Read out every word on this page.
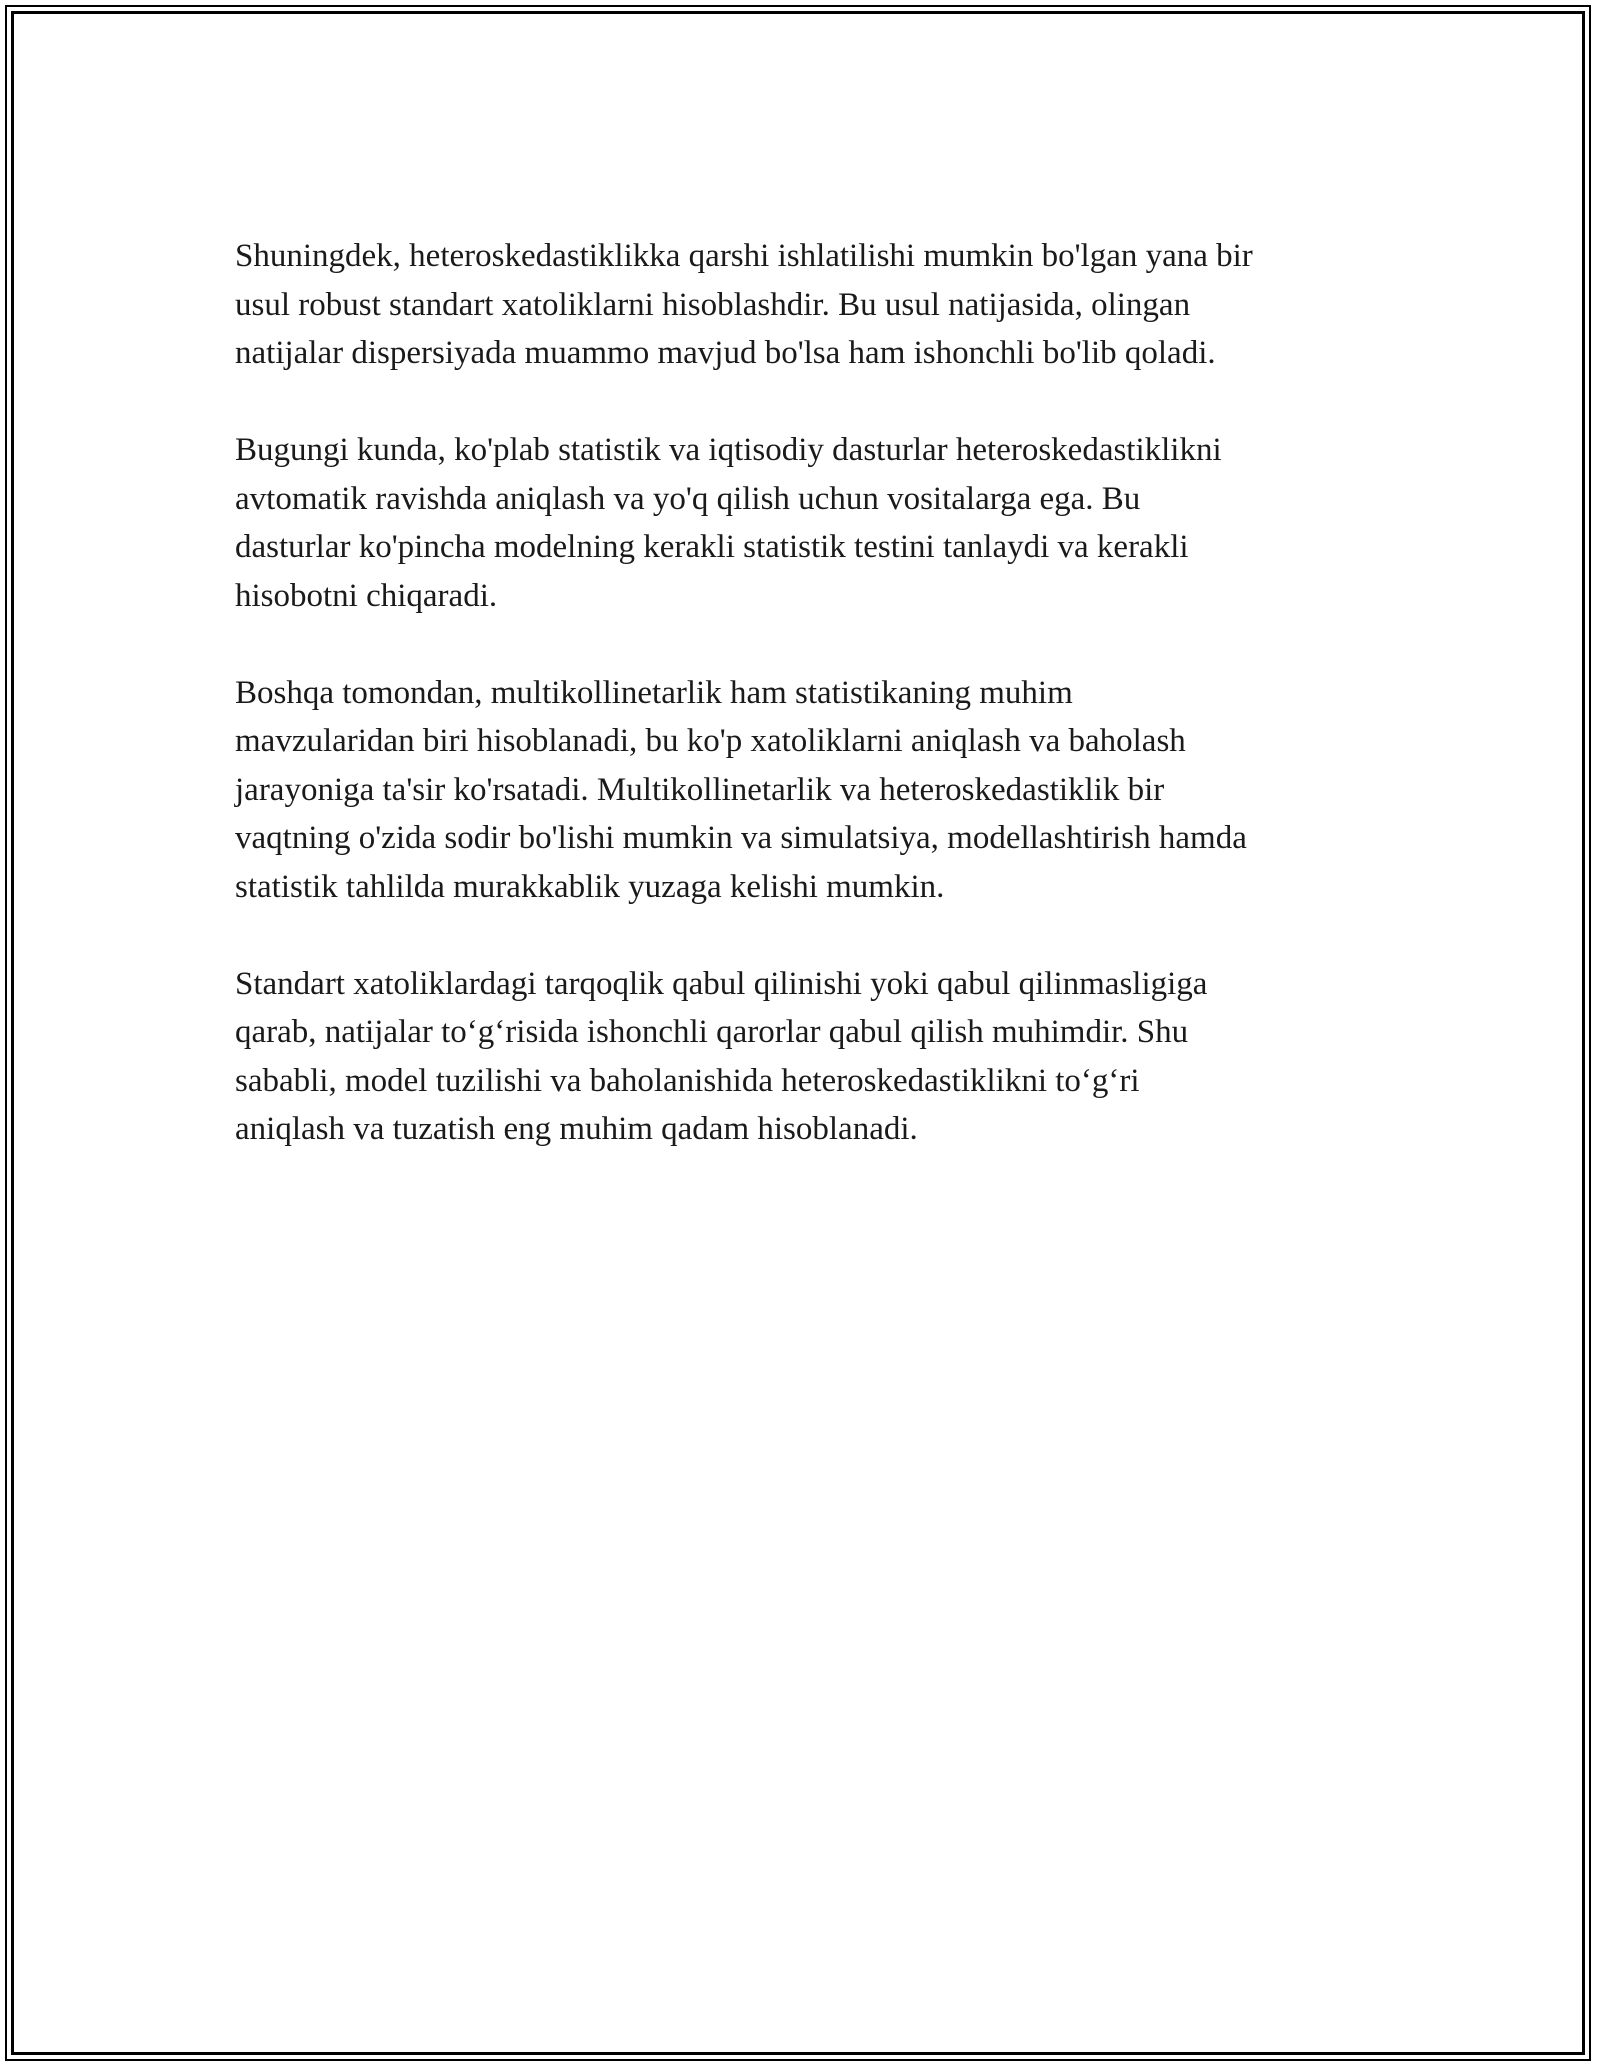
Shuningdek, heteroskedastiklikka qarshi ishlatilishi mumkin bo'lgan yana bir
usul robust standart xatoliklarni hisoblashdir. Bu usul natijasida, olingan
natijalar dispersiyada muammo mavjud bo'lsa ham ishonchli bo'lib qoladi.

Bugungi kunda, ko'plab statistik va iqtisodiy dasturlar heteroskedastiklikni
avtomatik ravishda aniqlash va yo'q qilish uchun vositalarga ega. Bu
dasturlar ko'pincha modelning kerakli statistik testini tanlaydi va kerakli
hisobotni chiqaradi.

Boshqa tomondan, multikollinetarlik ham statistikaning muhim
mavzularidan biri hisoblanadi, bu ko'p xatoliklarni aniqlash va baholash
jarayoniga ta'sir ko'rsatadi. Multikollinetarlik va heteroskedastiklik bir
vaqtning o'zida sodir bo'lishi mumkin va simulatsiya, modellashtirish hamda
statistik tahlilda murakkablik yuzaga kelishi mumkin.

Standart xatoliklardagi tarqoqlik qabul qilinishi yoki qabul qilinmasligiga
qarab, natijalar to‘g‘risida ishonchli qarorlar qabul qilish muhimdir. Shu
sababli, model tuzilishi va baholanishida heteroskedastiklikni to‘g‘ri
aniqlash va tuzatish eng muhim qadam hisoblanadi.
